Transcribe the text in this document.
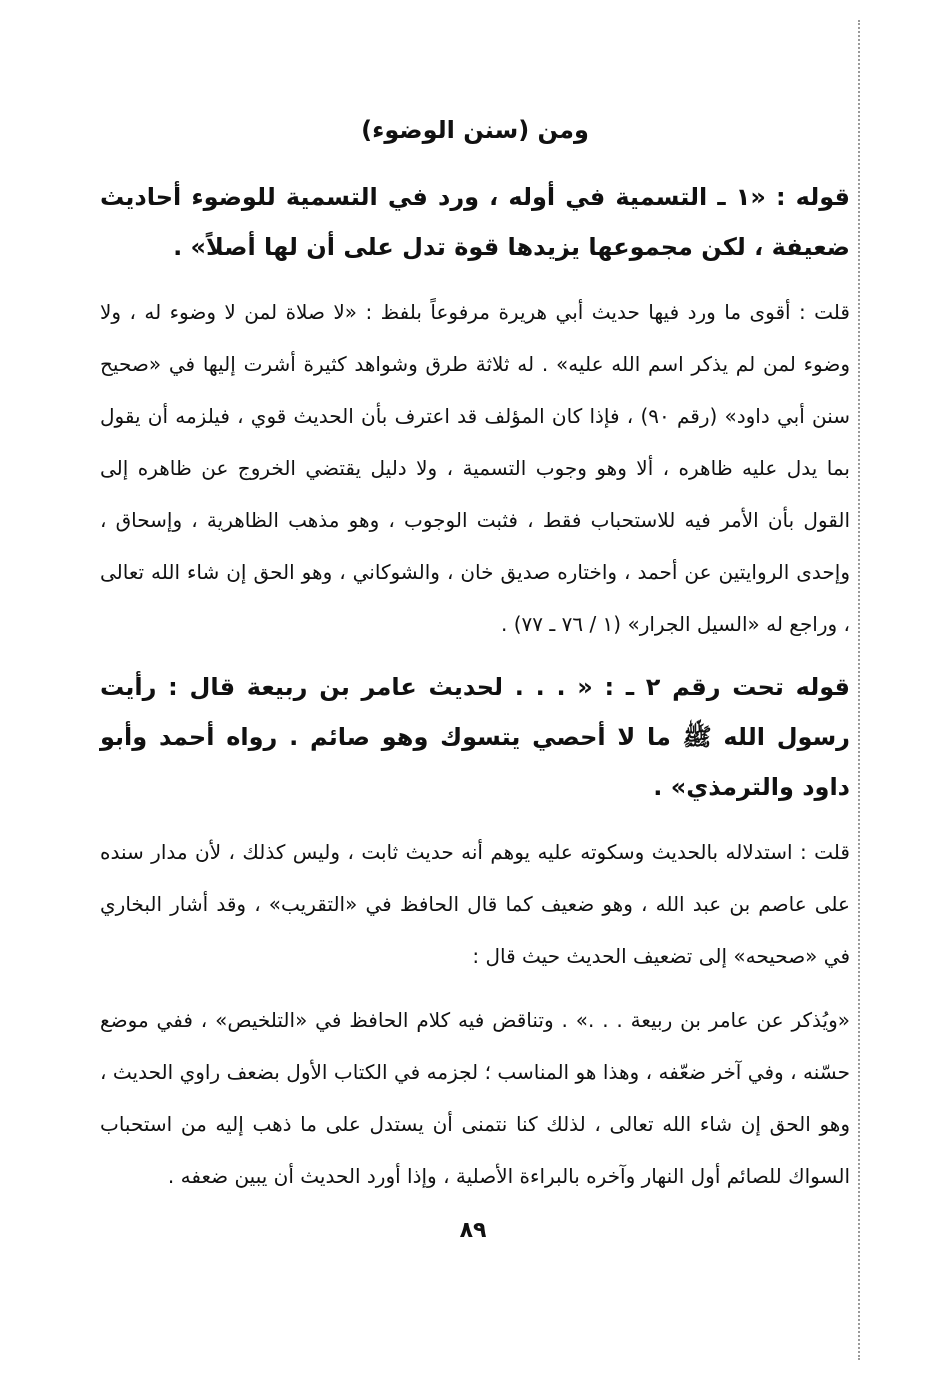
ومن (سنن الوضوء)

قوله : «١ ـ التسمية في أوله ، ورد في التسمية للوضوء أحاديث ضعيفة ، لكن مجموعها يزيدها قوة تدل على أن لها أصلاً» .

قلت : أقوى ما ورد فيها حديث أبي هريرة مرفوعاً بلفظ : «لا صلاة لمن لا وضوء له ، ولا وضوء لمن لم يذكر اسم الله عليه» . له ثلاثة طرق وشواهد كثيرة أشرت إليها في «صحيح سنن أبي داود» (رقم ٩٠) ، فإذا كان المؤلف قد اعترف بأن الحديث قوي ، فيلزمه أن يقول بما يدل عليه ظاهره ، ألا وهو وجوب التسمية ، ولا دليل يقتضي الخروج عن ظاهره إلى القول بأن الأمر فيه للاستحباب فقط ، فثبت الوجوب ، وهو مذهب الظاهرية ، وإسحاق ، وإحدى الروايتين عن أحمد ، واختاره صديق خان ، والشوكاني ، وهو الحق إن شاء الله تعالى ، وراجع له «السيل الجرار» (١ / ٧٦ ـ ٧٧) .

قوله تحت رقم ٢ ـ : « . . . لحديث عامر بن ربيعة قال : رأيت رسول الله ﷺ ما لا أحصي يتسوك وهو صائم . رواه أحمد وأبو داود والترمذي» .

قلت : استدلاله بالحديث وسكوته عليه يوهم أنه حديث ثابت ، وليس كذلك ، لأن مدار سنده على عاصم بن عبد الله ، وهو ضعيف كما قال الحافظ في «التقريب» ، وقد أشار البخاري في «صحيحه» إلى تضعيف الحديث حيث قال :

«ويُذكر عن عامر بن ربيعة . . .» . وتناقض فيه كلام الحافظ في «التلخيص» ، ففي موضع حسّنه ، وفي آخر ضعّفه ، وهذا هو المناسب ؛ لجزمه في الكتاب الأول بضعف راوي الحديث ، وهو الحق إن شاء الله تعالى ، لذلك كنا نتمنى أن يستدل على ما ذهب إليه من استحباب السواك للصائم أول النهار وآخره بالبراءة الأصلية ، وإذا أورد الحديث أن يبين ضعفه .

٨٩
